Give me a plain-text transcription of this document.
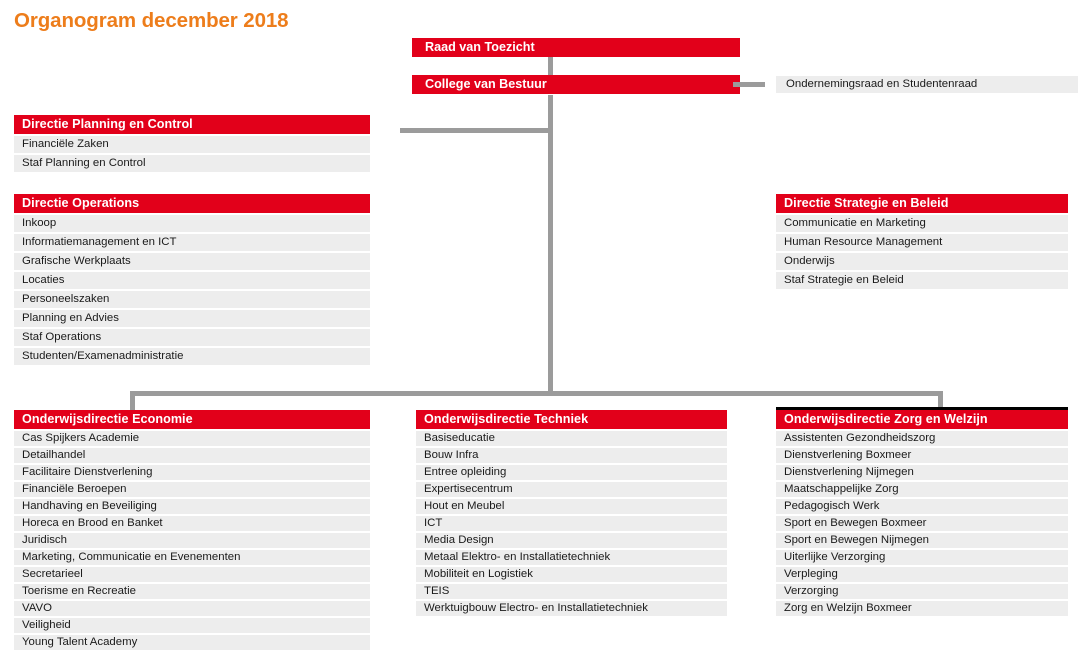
Organogram december 2018
Raad van Toezicht
College van Bestuur	Ondernemingsraad en Studentenraad
Directie Planning en Control
Financiële Zaken
Staf Planning en Control
Directie Operations
Inkoop
Informatiemanagement en ICT
Grafische Werkplaats
Locaties
Personeelszaken
Planning en Advies
Staf Operations
Studenten/Examenadministratie
Directie Strategie en Beleid
Communicatie en Marketing
Human Resource Management
Onderwijs
Staf Strategie en Beleid
Onderwijsdirectie Economie
Cas Spijkers Academie
Detailhandel
Facilitaire Dienstverlening
Financiële Beroepen
Handhaving en Beveiliging
Horeca en Brood en Banket
Juridisch
Marketing, Communicatie en Evenementen
Secretarieel
Toerisme en Recreatie
VAVO
Veiligheid
Young Talent Academy
Onderwijsdirectie Techniek
Basiseducatie
Bouw Infra
Entree opleiding
Expertisecentrum
Hout en Meubel
ICT
Media Design
Metaal Elektro- en Installatietechniek
Mobiliteit en Logistiek
TEIS
Werktuigbouw Electro- en Installatietechniek
Onderwijsdirectie Zorg en Welzijn
Assistenten Gezondheidszorg
Dienstverlening Boxmeer
Dienstverlening Nijmegen
Maatschappelijke Zorg
Pedagogisch Werk
Sport en Bewegen Boxmeer
Sport en Bewegen Nijmegen
Uiterlijke Verzorging
Verpleging
Verzorging
Zorg en Welzijn Boxmeer
